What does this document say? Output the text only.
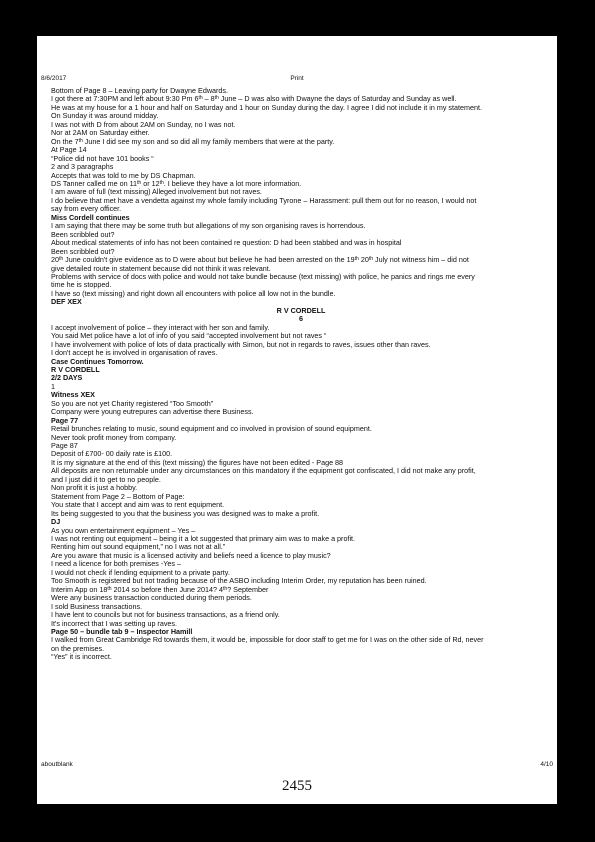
8/6/2017	Print

Bottom of Page 8 – Leaving party for Dwayne Edwards.

I got there at 7:30PM and left about 9:30 Pm 6th – 8th June – D was also with Dwayne the days of Saturday and Sunday as well.

He was at my house for a 1 hour and half on Saturday and 1 hour on Sunday during the day. I agree I did not include it in my statement.

On Sunday it was around midday.

I was not with D from about 2AM on Sunday, no I was not.

Nor at 2AM on Saturday either.

On the 7th June I did see my son and so did all my family members that were at the party.

At Page 14

“Police did not have 101 books “

2 and 3 paragraphs

Accepts that was told to me by DS Chapman.

DS Tanner called me on 11th or 12th. I believe they have a lot more information.

I am aware of full (text missing) Alleged involvement but not raves.

I do believe that met have a vendetta against my whole family including Tyrone – Harassment: pull them out for no reason, I would not

say from every officer.

Miss Cordell continues

I am saying that there may be some truth but allegations of my son organising raves is horrendous.

Been scribbled out?

About medical statements of info has not been contained re question: D had been stabbed and was in hospital

Been scribbled out?

20th June couldn't give evidence as to D were about but believe he had been arrested on the 19th 20th July not witness him – did not

give detailed route in statement because did not think it was relevant.

Problems with service of docs with police and would not take bundle because (text missing) with police, he panics and rings me every

time he is stopped.

I have so (text missing) and right down all encounters with police all low not in the bundle.

DEF XEX

R V CORDELL

6

I accept involvement of police – they interact with her son and family.

You said Met police have a lot of info of you said “accepted involvement but not raves “

I have involvement with police of lots of data practically with Simon, but not in regards to raves, issues other than raves.

I don't accept he is involved in organisation of raves.

Case Continues Tomorrow.

R V CORDELL

2/2 DAYS

1

Witness XEX

So you are not yet Charity registered “Too Smooth”

Company were young eutrepures can advertise there Business.

Page 77

Retail brunches relating to music, sound equipment and co involved in provision of sound equipment.

Never took profit money from company.

Page 87

Deposit of £700- 00 daily rate is £100.

It is my signature at the end of this (text missing) the figures have not been edited - Page 88

All deposits are non returnable under any circumstances on this mandatory if the equipment got confiscated, I did not make any profit,

and I just did it to get to no people.

Non profit it is just a hobby.

Statement from Page 2 – Bottom of Page:

You state that I accept and aim was to rent equipment.

Its being suggested to you that the business you was designed was to make a profit.

DJ

As you own entertainment equipment – Yes –

I was not renting out equipment – being it a lot suggested that primary aim was to make a profit.

Renting him out sound equipment,” no I was not at all.”

Are you aware that music is a licensed activity and beliefs need a licence to play music?

I need a licence for both premises -Yes –

I would not check if lending equipment to a private party.

Too Smooth is registered but not trading because of the ASBO including Interim Order, my reputation has been ruined.

Interim App on 18th 2014 so before then June 2014? 4th? September

Were any business transaction conducted during them periods.

I sold Business transactions.

I have lent to councils but not for business transactions, as a friend only.

It's incorrect that I was setting up raves.

Page 50 – bundle tab 9 – Inspector Hamill

I walked from Great Cambridge Rd towards them, it would be, impossible for door staff to get me for I was on the other side of Rd, never

on the premises.

“Yes” it is incorrect.

aboutblank	4/10
2455
